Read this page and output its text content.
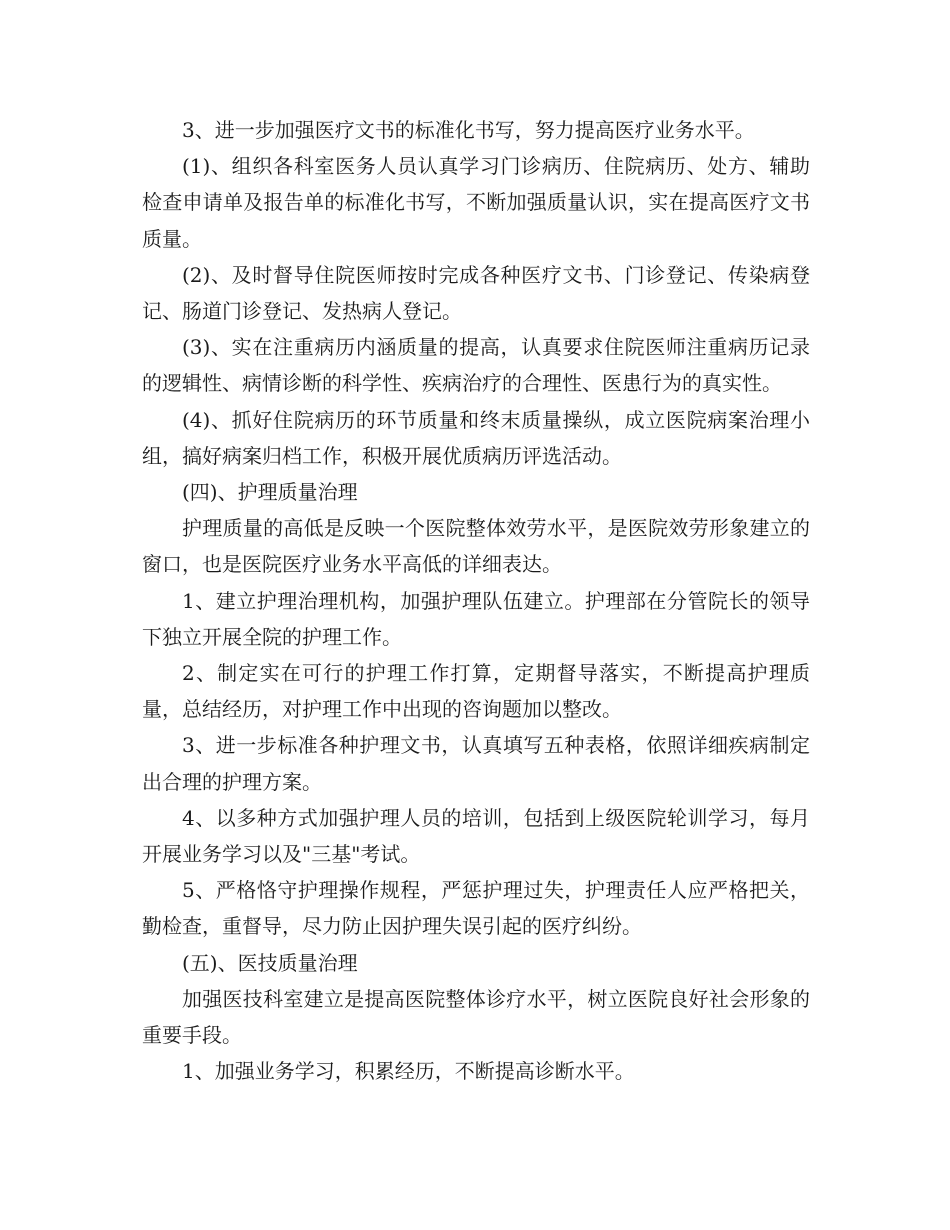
3、进一步加强医疗文书的标准化书写，努力提高医疗业务水平。

(1)、组织各科室医务人员认真学习门诊病历、住院病历、处方、辅助检查申请单及报告单的标准化书写，不断加强质量认识，实在提高医疗文书质量。

(2)、及时督导住院医师按时完成各种医疗文书、门诊登记、传染病登记、肠道门诊登记、发热病人登记。

(3)、实在注重病历内涵质量的提高，认真要求住院医师注重病历记录的逻辑性、病情诊断的科学性、疾病治疗的合理性、医患行为的真实性。

(4)、抓好住院病历的环节质量和终末质量操纵，成立医院病案治理小组，搞好病案归档工作，积极开展优质病历评选活动。

(四)、护理质量治理

护理质量的高低是反映一个医院整体效劳水平，是医院效劳形象建立的窗口，也是医院医疗业务水平高低的详细表达。

1、建立护理治理机构，加强护理队伍建立。护理部在分管院长的领导下独立开展全院的护理工作。

2、制定实在可行的护理工作打算，定期督导落实，不断提高护理质量，总结经历，对护理工作中出现的咨询题加以整改。

3、进一步标准各种护理文书，认真填写五种表格，依照详细疾病制定出合理的护理方案。

4、以多种方式加强护理人员的培训，包括到上级医院轮训学习，每月开展业务学习以及"三基"考试。

5、严格恪守护理操作规程，严惩护理过失，护理责任人应严格把关，勤检查，重督导，尽力防止因护理失误引起的医疗纠纷。

(五)、医技质量治理

加强医技科室建立是提高医院整体诊疗水平，树立医院良好社会形象的重要手段。

1、加强业务学习，积累经历，不断提高诊断水平。
